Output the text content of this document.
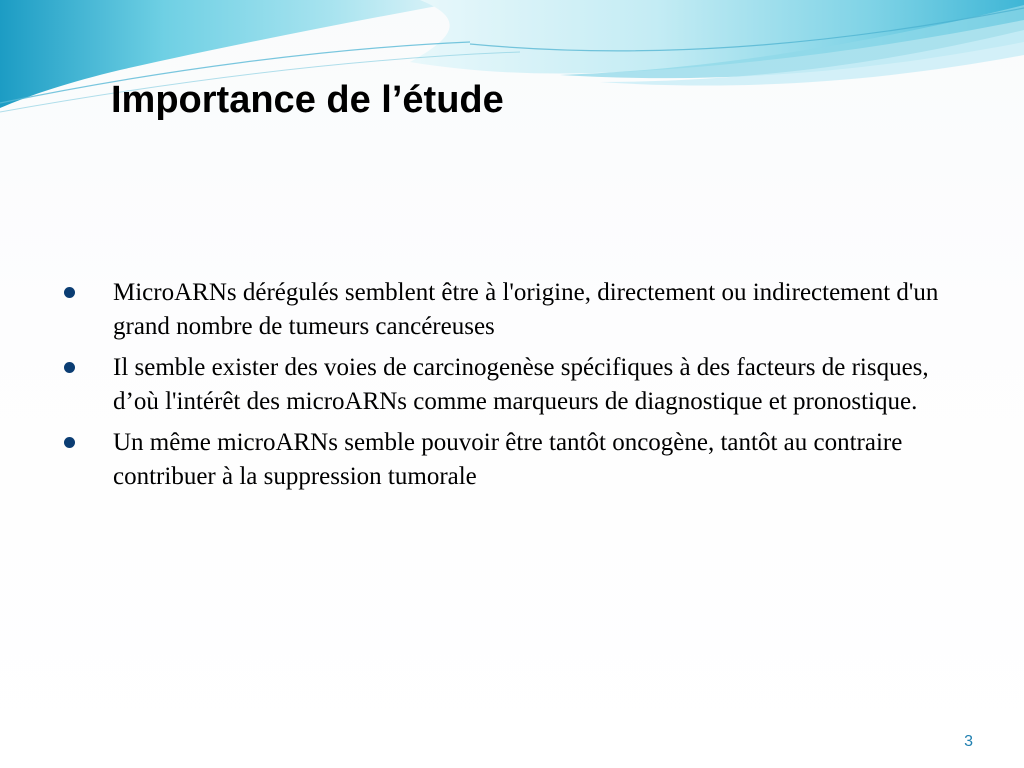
Importance de l’étude
MicroARNs dérégulés semblent être à l'origine, directement ou indirectement d'un grand nombre de tumeurs cancéreuses
Il semble exister des voies de carcinogenèse spécifiques à des facteurs de risques, d’où l'intérêt des microARNs comme marqueurs de diagnostique et pronostique.
Un même microARNs semble pouvoir être tantôt oncogène, tantôt au contraire contribuer à la suppression tumorale
3
